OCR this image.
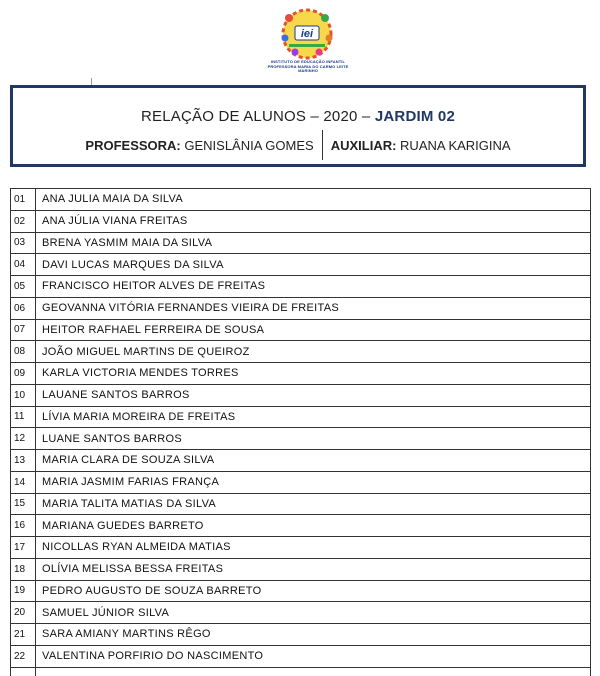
iei
INSTITUTO DE EDUCAÇÃO INFANTIL PROFESSORA MARIA DO CARMO LEITE MARINHO
RELAÇÃO DE ALUNOS – 2020 – JARDIM 02
PROFESSORA:
GENISLÂNIA GOMES AUXILIAR:
RUANA KARIGINA
01	ANA JULIA MAIA DA SILVA
02	ANA JÚLIA VIANA FREITAS
03	BRENA YASMIM MAIA DA SILVA
04	DAVI LUCAS MARQUES DA SILVA
05	FRANCISCO HEITOR ALVES DE FREITAS
06	GEOVANNA VITÓRIA FERNANDES VIEIRA DE FREITAS
07	HEITOR RAFHAEL FERREIRA DE SOUSA
08	JOÃO MIGUEL MARTINS DE QUEIROZ
09	KARLA VICTORIA MENDES TORRES
10	LAUANE SANTOS BARROS
11	LÍVIA MARIA MOREIRA DE FREITAS
12	LUANE SANTOS BARROS
13	MARIA CLARA DE SOUZA SILVA
14	MARIA JASMIM FARIAS FRANÇA
15	MARIA TALITA MATIAS DA SILVA
16	MARIANA GUEDES BARRETO
17	NICOLLAS RYAN ALMEIDA MATIAS
18	OLÍVIA MELISSA BESSA FREITAS
19	PEDRO AUGUSTO DE SOUZA BARRETO
20	SAMUEL JÚNIOR SILVA
21	SARA AMIANY MARTINS RÊGO
22	VALENTINA PORFIRIO DO NASCIMENTO
